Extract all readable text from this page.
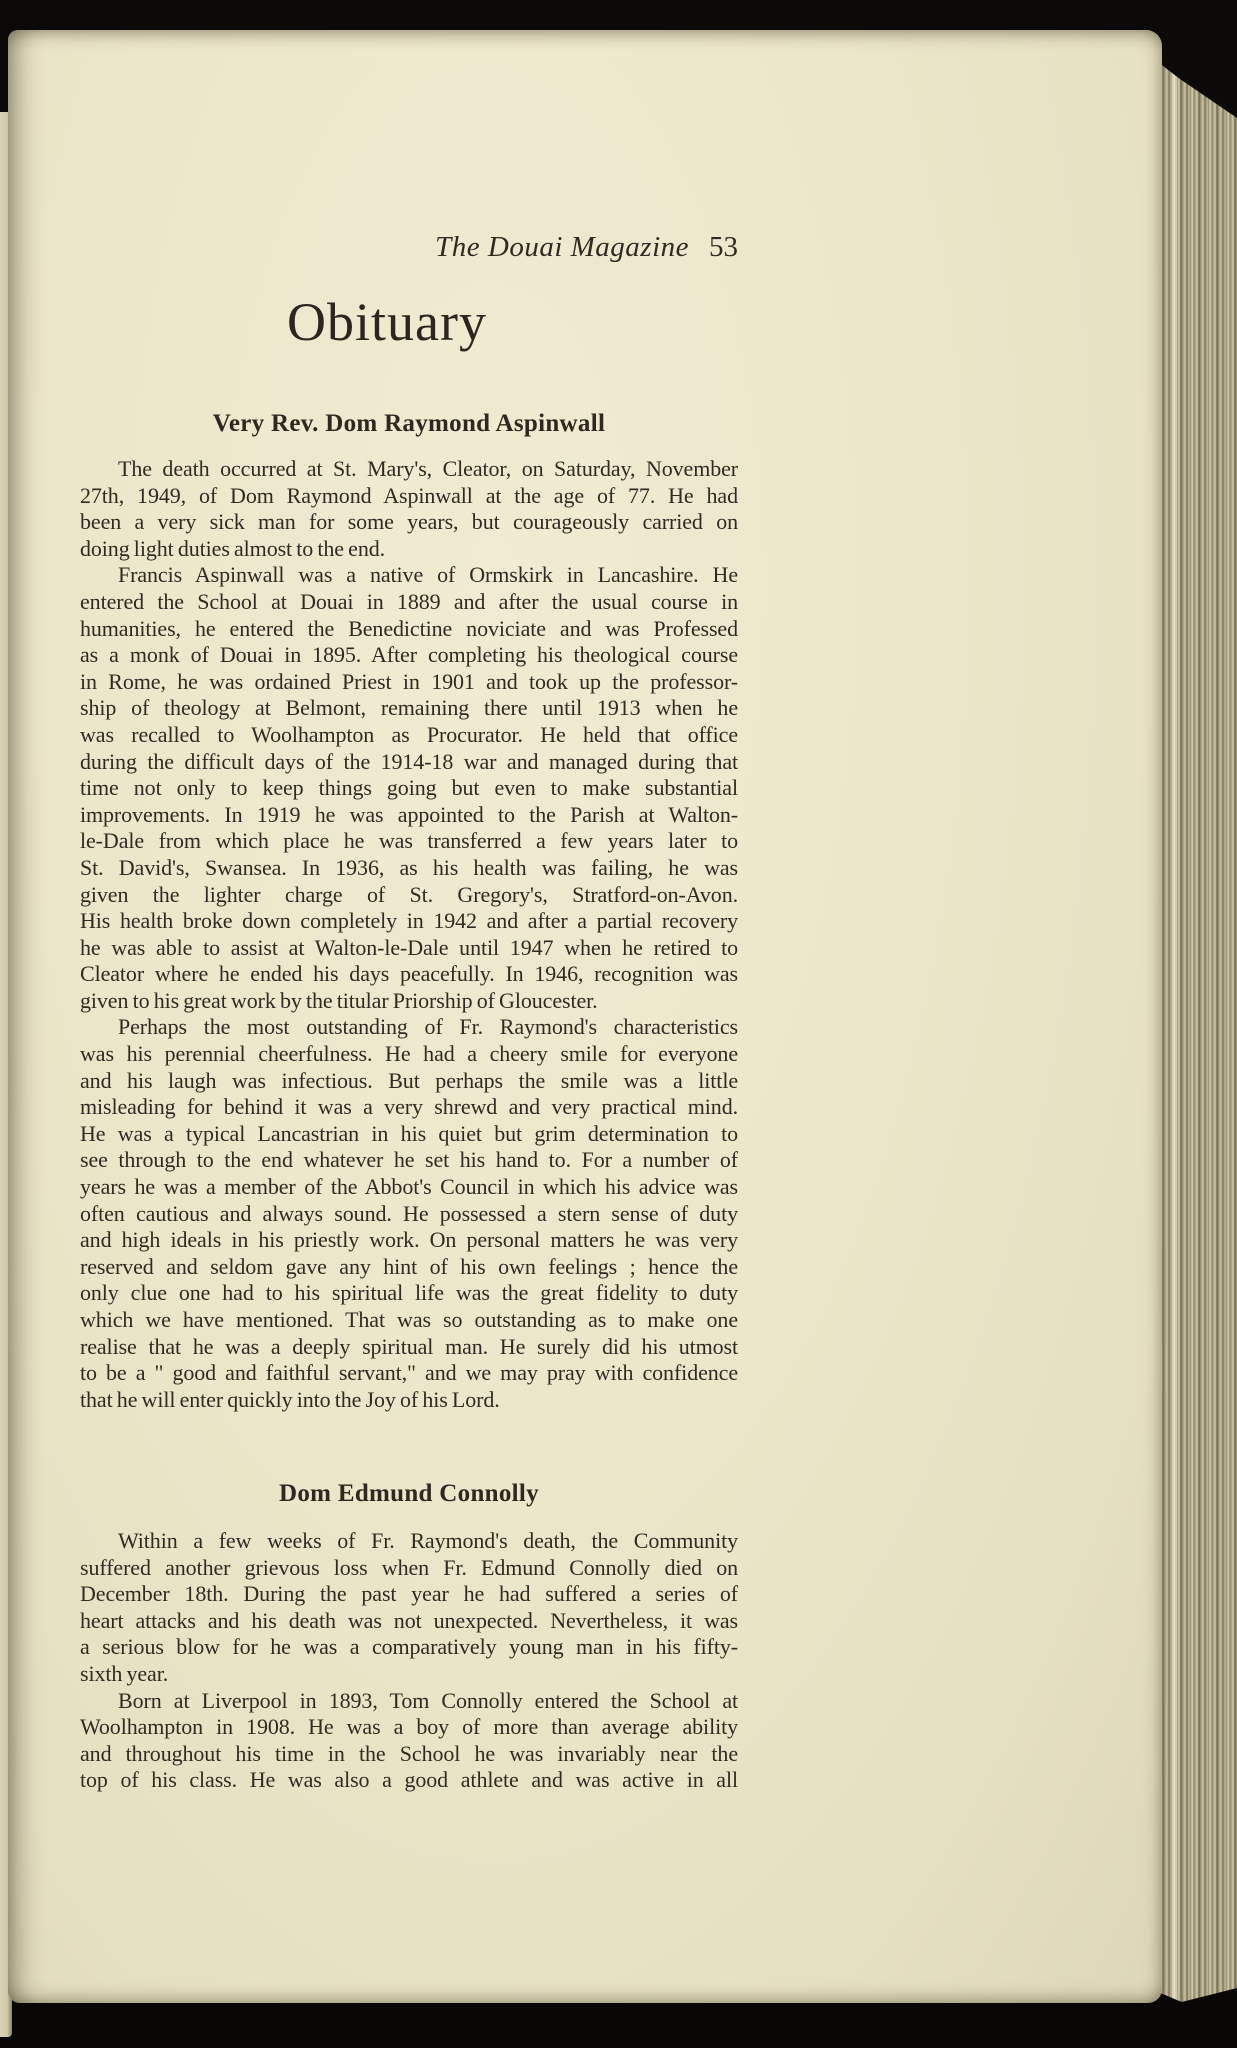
The Douai Magazine 53
Obituary
Very Rev. Dom Raymond Aspinwall
The death occurred at St. Mary's, Cleator, on Saturday, November
27th, 1949, of Dom Raymond Aspinwall at the age of 77. He had
been a very sick man for some years, but courageously carried on
doing light duties almost to the end.
Francis Aspinwall was a native of Ormskirk in Lancashire. He
entered the School at Douai in 1889 and after the usual course in
humanities, he entered the Benedictine noviciate and was Professed
as a monk of Douai in 1895. After completing his theological course
in Rome, he was ordained Priest in 1901 and took up the professor-
ship of theology at Belmont, remaining there until 1913 when he
was recalled to Woolhampton as Procurator. He held that office
during the difficult days of the 1914-18 war and managed during that
time not only to keep things going but even to make substantial
improvements. In 1919 he was appointed to the Parish at Walton-
le-Dale from which place he was transferred a few years later to
St. David's, Swansea. In 1936, as his health was failing, he was
given the lighter charge of St. Gregory's, Stratford-on-Avon.
His health broke down completely in 1942 and after a partial recovery
he was able to assist at Walton-le-Dale until 1947 when he retired to
Cleator where he ended his days peacefully. In 1946, recognition was
given to his great work by the titular Priorship of Gloucester.
Perhaps the most outstanding of Fr. Raymond's characteristics
was his perennial cheerfulness. He had a cheery smile for everyone
and his laugh was infectious. But perhaps the smile was a little
misleading for behind it was a very shrewd and very practical mind.
He was a typical Lancastrian in his quiet but grim determination to
see through to the end whatever he set his hand to. For a number of
years he was a member of the Abbot's Council in which his advice was
often cautious and always sound. He possessed a stern sense of duty
and high ideals in his priestly work. On personal matters he was very
reserved and seldom gave any hint of his own feelings ; hence the
only clue one had to his spiritual life was the great fidelity to duty
which we have mentioned. That was so outstanding as to make one
realise that he was a deeply spiritual man. He surely did his utmost
to be a " good and faithful servant," and we may pray with confidence
that he will enter quickly into the Joy of his Lord.
Dom Edmund Connolly
Within a few weeks of Fr. Raymond's death, the Community
suffered another grievous loss when Fr. Edmund Connolly died on
December 18th. During the past year he had suffered a series of
heart attacks and his death was not unexpected. Nevertheless, it was
a serious blow for he was a comparatively young man in his fifty-
sixth year.
Born at Liverpool in 1893, Tom Connolly entered the School at
Woolhampton in 1908. He was a boy of more than average ability
and throughout his time in the School he was invariably near the
top of his class. He was also a good athlete and was active in all
